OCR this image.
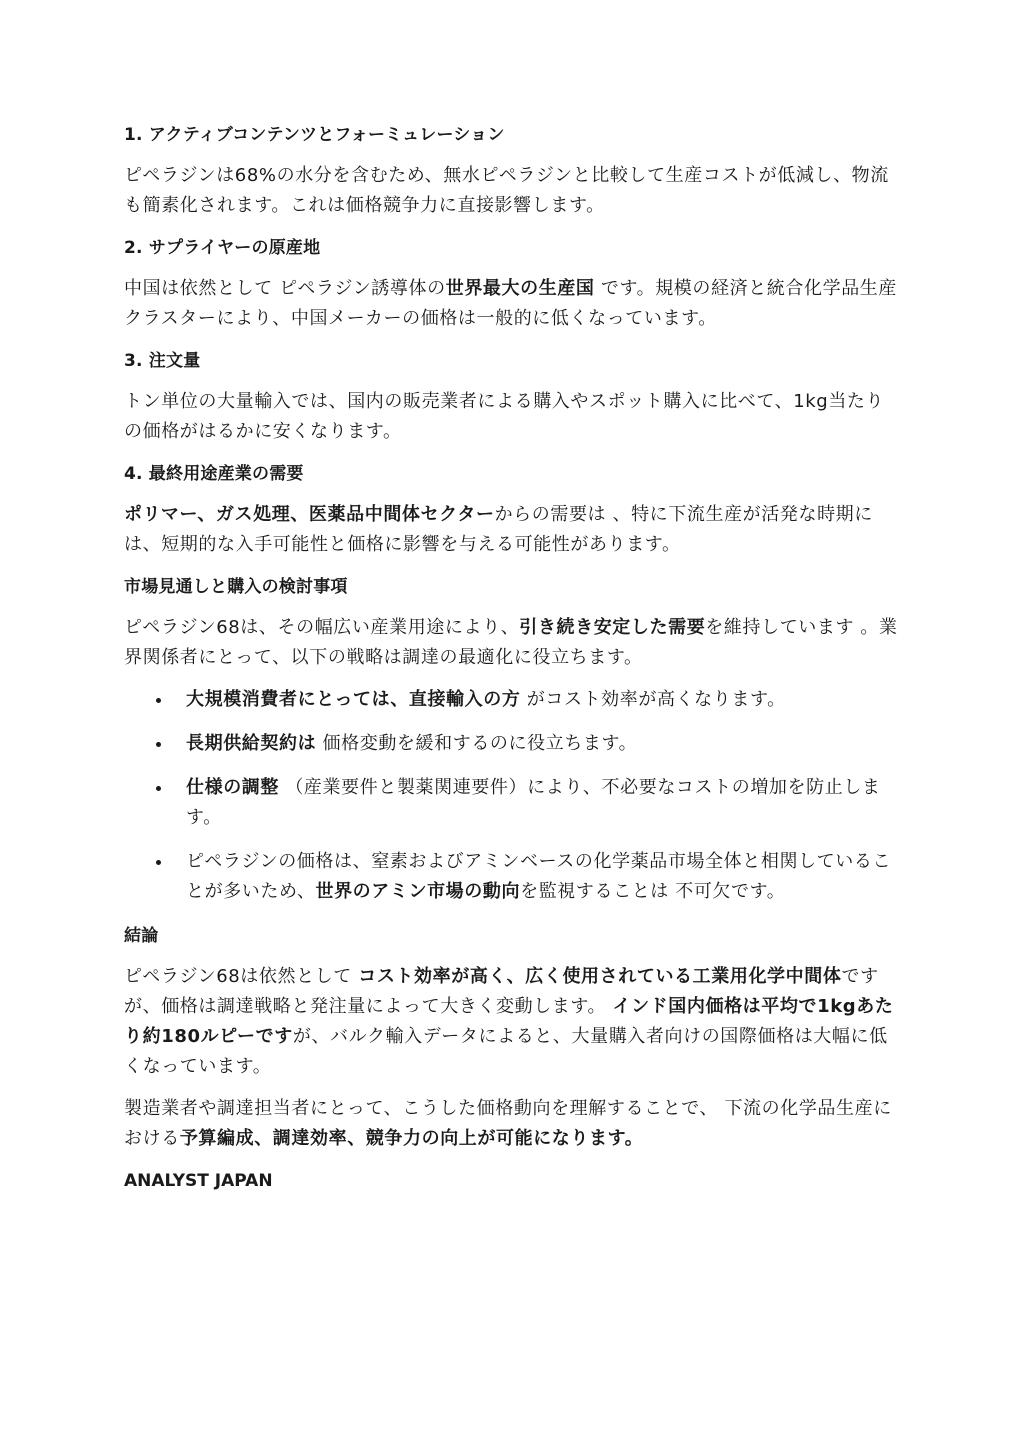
1. アクティブコンテンツとフォーミュレーション

ピペラジンは68%の水分を含むため、無水ピペラジンと比較して生産コストが低減し、物流も簡素化されます。これは価格競争力に直接影響します。

2. サプライヤーの原産地

中国は依然として ピペラジン誘導体の世界最大の生産国 です。規模の経済と統合化学品生産クラスターにより、中国メーカーの価格は一般的に低くなっています。

3. 注文量

トン単位の大量輸入では、国内の販売業者による購入やスポット購入に比べて、1kg当たりの価格がはるかに安くなります。

4. 最終用途産業の需要

ポリマー、ガス処理、医薬品中間体セクターからの需要は 、特に下流生産が活発な時期には、短期的な入手可能性と価格に影響を与える可能性があります。

市場見通しと購入の検討事項

ピペラジン68は、その幅広い産業用途により、引き続き安定した需要を維持しています 。業界関係者にとって、以下の戦略は調達の最適化に役立ちます。

大規模消費者にとっては、直接輸入の方 がコスト効率が高くなります。
長期供給契約は 価格変動を緩和するのに役立ちます。
仕様の調整 （産業要件と製薬関連要件）により、不必要なコストの増加を防止します。
ピペラジンの価格は、窒素およびアミンベースの化学薬品市場全体と相関していることが多いため、世界のアミン市場の動向を監視することは 不可欠です。
結論

ピペラジン68は依然として コスト効率が高く、広く使用されている工業用化学中間体ですが、価格は調達戦略と発注量によって大きく変動します。 インド国内価格は平均で1kgあたり約180ルピーですが、バルク輸入データによると、大量購入者向けの国際価格は大幅に低くなっています。

製造業者や調達担当者にとって、こうした価格動向を理解することで、 下流の化学品生産における予算編成、調達効率、競争力の向上が可能になります。

ANALYST JAPAN
